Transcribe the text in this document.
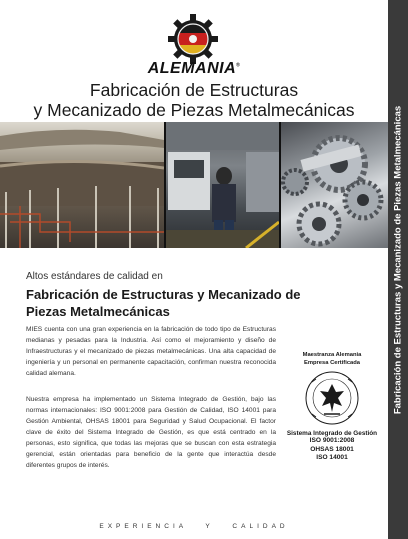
ALEMANIA®
Fabricación de Estructuras
y Mecanizado de Piezas Metalmecánicas
Altos estándares de calidad en
Fabricación de Estructuras y Mecanizado de
Piezas Metalmecánicas

MIES cuenta con una gran experiencia en la fabricación de todo tipo de Estructuras medianas y pesadas para la Industria. Así como el mejoramiento y diseño de Infraestructuras y el mecanizado de piezas metalmecánicas. Una alta capacidad de ingeniería y un personal en permanente capacitación, confirman nuestra reconocida calidad alemana.

Nuestra empresa ha implementado un Sistema Integrado de Gestión, bajo las normas internacionales: ISO 9001:2008 para Gestión de Calidad, ISO 14001 para Gestión Ambiental, OHSAS 18001 para Seguridad y Salud Ocupacional. El factor clave de éxito del Sistema Integrado de Gestión, es que está centrado en la personas, esto significa, que todas las mejoras que se buscan con esta estrategia gerencial, están orientadas para beneficio de la gente que interactúa desde diferentes grupos de interés.

Maestranza Alemania
Empresa Certificada
Sistema Integrado de Gestión
ISO 9001:2008
OHSAS 18001
ISO 14001
EXPERIENCIA Y CALIDAD
Fabricación de Estructuras y Mecanizado de Piezas Metalmecánicas
